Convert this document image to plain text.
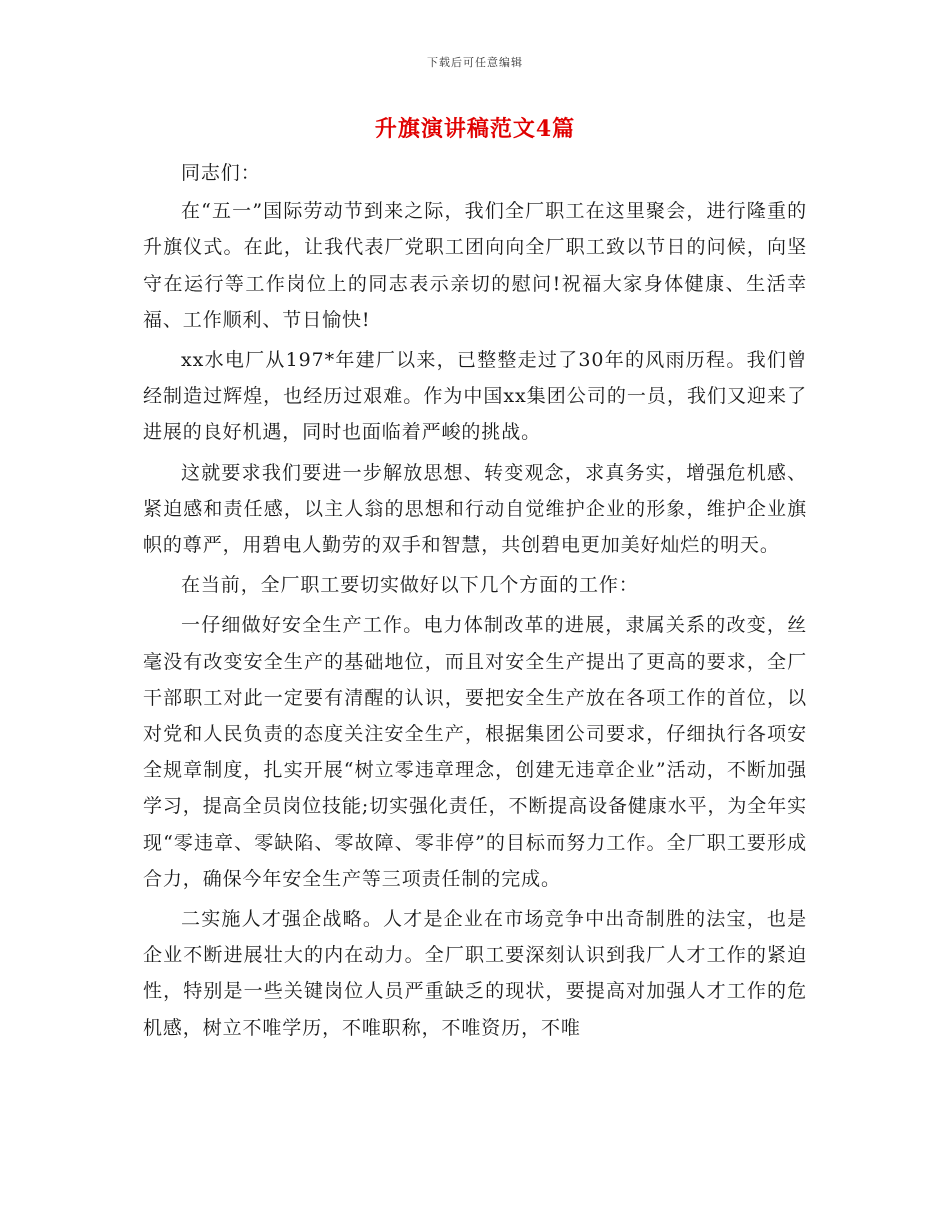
下载后可任意编辑
升旗演讲稿范文4篇

同志们：

在“五一”国际劳动节到来之际，我们全厂职工在这里聚会，进行隆重的升旗仪式。在此，让我代表厂党职工团向向全厂职工致以节日的问候，向坚守在运行等工作岗位上的同志表示亲切的慰问!祝福大家身体健康、生活幸福、工作顺利、节日愉快!

xx水电厂从197*年建厂以来，已整整走过了30年的风雨历程。我们曾经制造过辉煌，也经历过艰难。作为中国xx集团公司的一员，我们又迎来了进展的良好机遇，同时也面临着严峻的挑战。

这就要求我们要进一步解放思想、转变观念，求真务实，增强危机感、紧迫感和责任感，以主人翁的思想和行动自觉维护企业的形象，维护企业旗帜的尊严，用碧电人勤劳的双手和智慧，共创碧电更加美好灿烂的明天。

在当前，全厂职工要切实做好以下几个方面的工作：

一仔细做好安全生产工作。电力体制改革的进展，隶属关系的改变，丝毫没有改变安全生产的基础地位，而且对安全生产提出了更高的要求，全厂干部职工对此一定要有清醒的认识，要把安全生产放在各项工作的首位，以对党和人民负责的态度关注安全生产，根据集团公司要求，仔细执行各项安全规章制度，扎实开展“树立零违章理念，创建无违章企业”活动，不断加强学习，提高全员岗位技能;切实强化责任，不断提高设备健康水平，为全年实现“零违章、零缺陷、零故障、零非停”的目标而努力工作。全厂职工要形成合力，确保今年安全生产等三项责任制的完成。

二实施人才强企战略。人才是企业在市场竞争中出奇制胜的法宝，也是企业不断进展壮大的内在动力。全厂职工要深刻认识到我厂人才工作的紧迫性，特别是一些关键岗位人员严重缺乏的现状，要提高对加强人才工作的危机感，树立不唯学历，不唯职称，不唯资历，不唯
